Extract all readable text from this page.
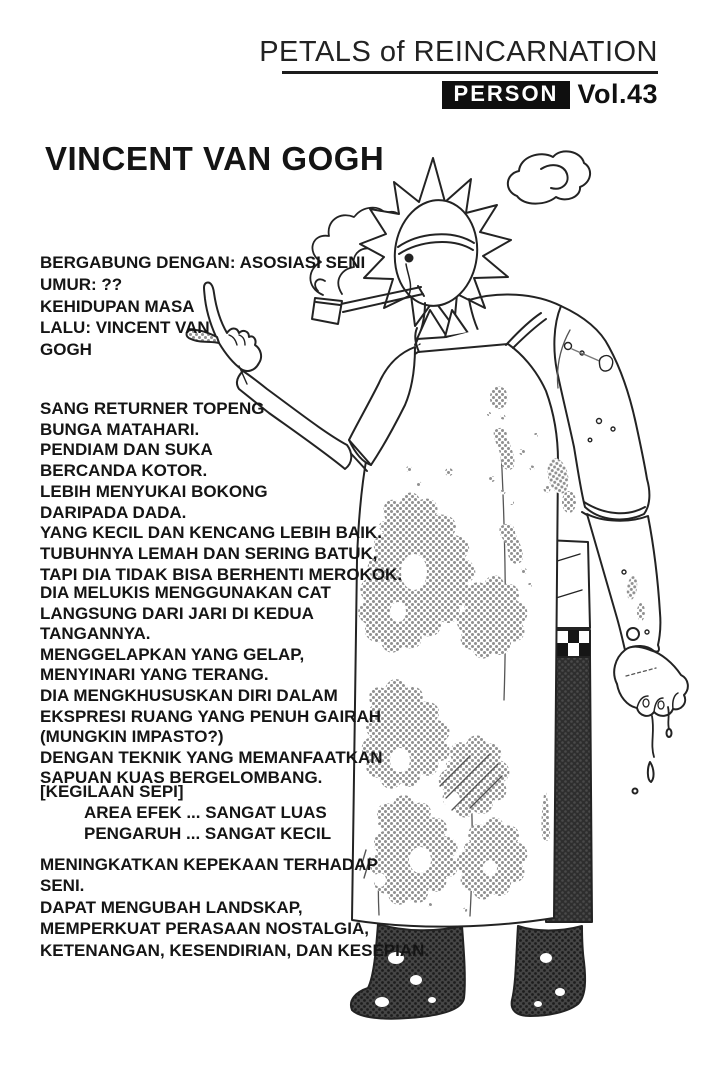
PETALS of REINCARNATION
PERSON Vol.43
VINCENT VAN GOGH
BERGABUNG DENGAN: ASOSIASI SENI
UMUR: ??
KEHIDUPAN MASA
LALU: VINCENT VAN
GOGH
SANG RETURNER TOPENG
BUNGA MATAHARI.
PENDIAM DAN SUKA
BERCANDA KOTOR.
LEBIH MENYUKAI BOKONG
DARIPADA DADA.
YANG KECIL DAN KENCANG LEBIH BAIK.
TUBUHNYA LEMAH DAN SERING BATUK,
TAPI DIA TIDAK BISA BERHENTI MEROKOK.
DIA MELUKIS MENGGUNAKAN CAT
LANGSUNG DARI JARI DI KEDUA
TANGANNYA.
MENGGELAPKAN YANG GELAP,
MENYINARI YANG TERANG.
DIA MENGKHUSUSKAN DIRI DALAM
EKSPRESI RUANG YANG PENUH GAIRAH
(MUNGKIN IMPASTO?)
DENGAN TEKNIK YANG MEMANFAATKAN
SAPUAN KUAS BERGELOMBANG.
[KEGILAAN SEPI]
AREA EFEK ... SANGAT LUAS
PENGARUH ... SANGAT KECIL
MENINGKATKAN KEPEKAAN TERHADAP
SENI.
DAPAT MENGUBAH LANDSKAP,
MEMPERKUAT PERASAAN NOSTALGIA,
KETENANGAN, KESENDIRIAN, DAN KESEPIAN.
